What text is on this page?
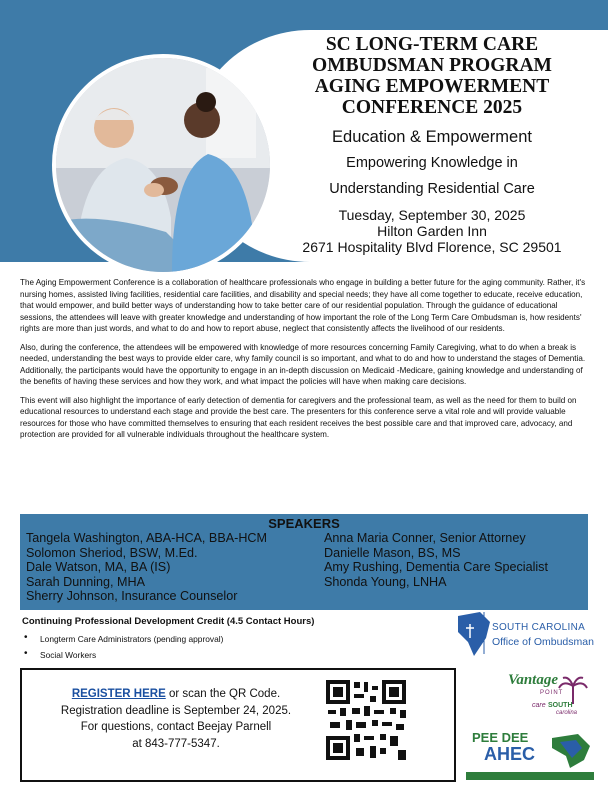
SC LONG-TERM CARE
OMBUDSMAN PROGRAM
AGING EMPOWERMENT
CONFERENCE 2025
Education & Empowerment
Empowering Knowledge in
Understanding Residential Care
Tuesday, September 30, 2025
Hilton Garden Inn
2671 Hospitality Blvd Florence, SC 29501

The Aging Empowerment Conference is a collaboration of healthcare professionals who engage in building a better future for the aging community. Rather, it's nursing homes, assisted living facilities, residential care facilities, and disability and special needs; they have all come together to educate, receive education, that would empower, and build better ways of understanding how to take better care of our residential population. Through the guidance of educational sessions, the attendees will leave with greater knowledge and understanding of how important the role of the Long Term Care Ombudsman is, how residents' rights are more than just words, and what to do and how to report abuse, neglect that consistently affects the livelihood of our residents.

Also, during the conference, the attendees will be empowered with knowledge of more resources concerning Family Caregiving, what to do when a break is needed, understanding the best ways to provide elder care, why family council is so important, and what to do and how to understand the stages of Dementia. Additionally, the participants would have the opportunity to engage in an in-depth discussion on Medicaid -Medicare, gaining knowledge and understanding of the benefits of having these services and how they work, and what impact the policies will have when making care decisions.

This event will also highlight the importance of early detection of dementia for caregivers and the professional team, as well as the need for them to build on educational resources to understand each stage and provide the best care. The presenters for this conference serve a vital role and will provide valuable resources for those who have committed themselves to ensuring that each resident receives the best possible care and that improved care, advocacy, and protection are provided for all vulnerable individuals throughout the healthcare system.

SPEAKERS
Tangela Washington, ABA-HCA, BBA-HCM
Solomon Sheriod, BSW, M.Ed.
Dale Watson, MA, BA (IS)
Sarah Dunning, MHA
Sherry Johnson, Insurance Counselor
Anna Maria Conner, Senior Attorney
Danielle Mason, BS, MS
Amy Rushing, Dementia Care Specialist
Shonda Young, LNHA
Continuing Professional Development Credit (4.5 Contact Hours)
• Longterm Care Administrators (pending approval)
• Social Workers
REGISTER HERE or scan the QR Code.
Registration deadline is September 24, 2025.
For questions, contact Beejay Parnell
at 843-777-5347.
SOUTH CAROLINA
Office of Ombudsman
Vantage
POINT
care SOUTH
carolina
PEE DEE
AHEC
